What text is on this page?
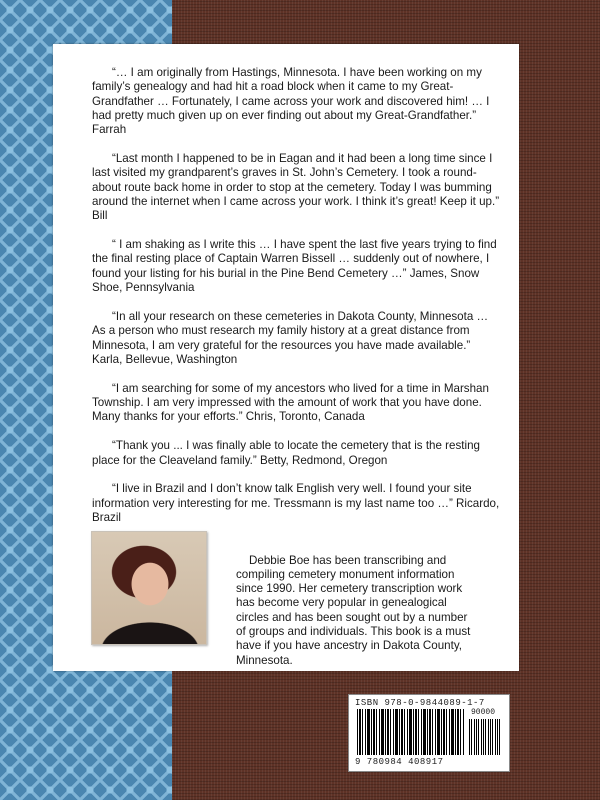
“… I am originally from Hastings, Minnesota. I have been working on my family’s genealogy and had hit a road block when it came to my Great-Grandfather … Fortunately, I came across your work and discovered him! … I had pretty much given up on ever finding out about my Great-Grandfather.” Farrah

“Last month I happened to be in Eagan and it had been a long time since I last visited my grandparent’s graves in St. John’s Cemetery. I took a round-about route back home in order to stop at the cemetery. Today I was bumming around the internet when I came across your work. I think it’s great! Keep it up.” Bill

“ I am shaking as I write this … I have spent the last five years trying to find the final resting place of Captain Warren Bissell … suddenly out of nowhere, I found your listing for his burial in the Pine Bend Cemetery …” James, Snow Shoe, Pennsylvania

“In all your research on these cemeteries in Dakota County, Minnesota … As a person who must research my family history at a great distance from Minnesota, I am very grateful for the resources you have made available.” Karla, Bellevue, Washington

“I am searching for some of my ancestors who lived for a time in Marshan Township. I am very impressed with the amount of work that you have done. Many thanks for your efforts.” Chris, Toronto, Canada

“Thank you ... I was finally able to locate the cemetery that is the resting place for the Cleaveland family.” Betty, Redmond, Oregon

“I live in Brazil and I don’t know talk English very well. I found your site information very interesting for me. Tressmann is my last name too …” Ricardo, Brazil

Debbie Boe has been transcribing and compiling cemetery monument information since 1990. Her cemetery transcription work has become very popular in genealogical circles and has been sought out by a number of groups and individuals. This book is a must have if you have ancestry in Dakota County, Minnesota.

ISBN 978-0-9844089-1-7
90000
9 780984 408917
